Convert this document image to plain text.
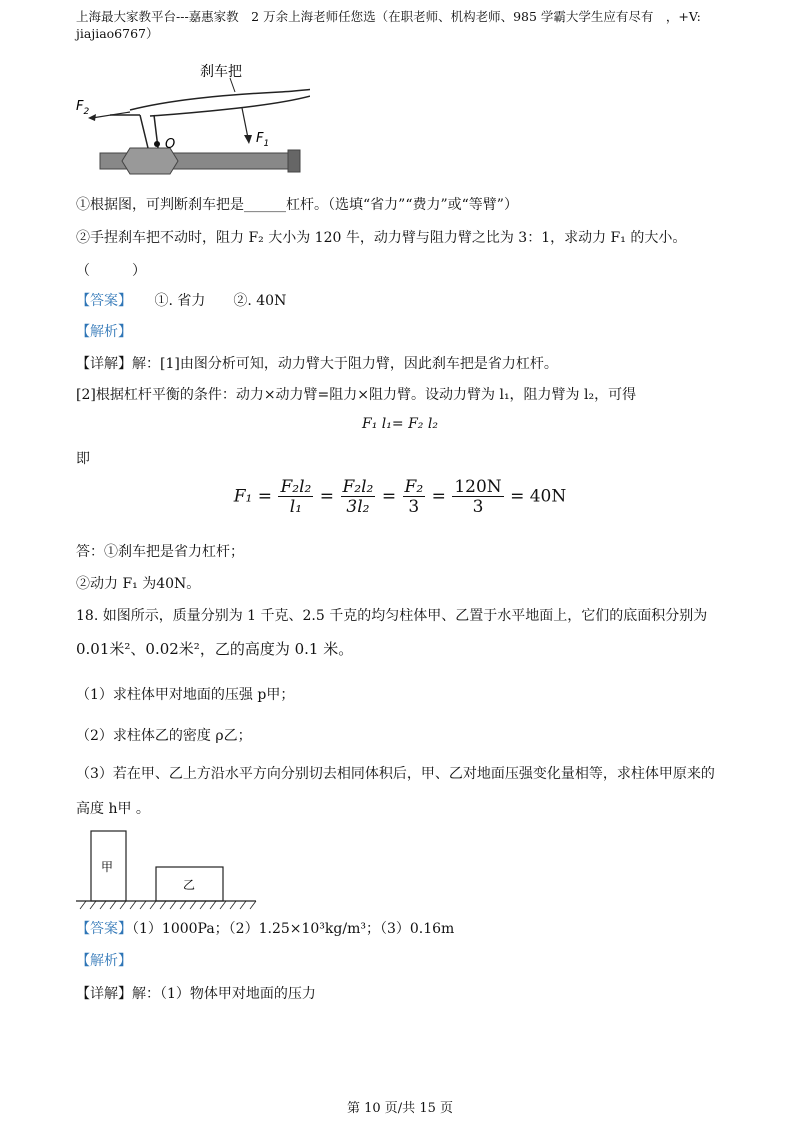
上海最大家教平台---嘉惠家教　2 万余上海老师任您选（在职老师、机构老师、985 学霸大学生应有尽有　，+V:
jiajiao6767）
刹车把
$F_2$
$F_1$
O
①根据图，可判断刹车把是______杠杆。（选填“省力”“费力”或“等臂”）
②手捏刹车把不动时，阻力 F₂ 大小为 120 牛，动力臂与阻力臂之比为 3：1，求动力 F₁ 的大小。
（　　　）
【答案】 ①. 省力　　②. 40N
【解析】
【详解】解：[1]由图分析可知，动力臂大于阻力臂，因此刹车把是省力杠杆。
[2]根据杠杆平衡的条件：动力×动力臂=阻力×阻力臂。设动力臂为 l₁，阻力臂为 l₂，可得
F₁ l₁= F₂ l₂
即
$F_1 = \frac{\text{F₂l₂}}{\text{l₁}} = \frac{\text{F₂l₂}}{\text{3l₂}} = \frac{\text{F₂}}{3} = \frac{120N}{3} = 40N$
答：①刹车把是省力杠杆；
②动力 F₁ 为40N。
18. 如图所示，质量分别为 1 千克、2.5 千克的均匀柱体甲、乙置于水平地面上，它们的底面积分别为
0.01米²、0.02米²，乙的高度为 0.1 米。
（1）求柱体甲对地面的压强 p甲；
（2）求柱体乙的密度 ρ乙；
（3）若在甲、乙上方沿水平方向分别切去相同体积后，甲、乙对地面压强变化量相等，求柱体甲原来的
高度 h甲 。
甲
乙
【答案】（1）1000Pa；（2）1.25×10³kg/m³；（3）0.16m
【解析】
【详解】解：（1）物体甲对地面的压力
第 10 页/共 15 页
